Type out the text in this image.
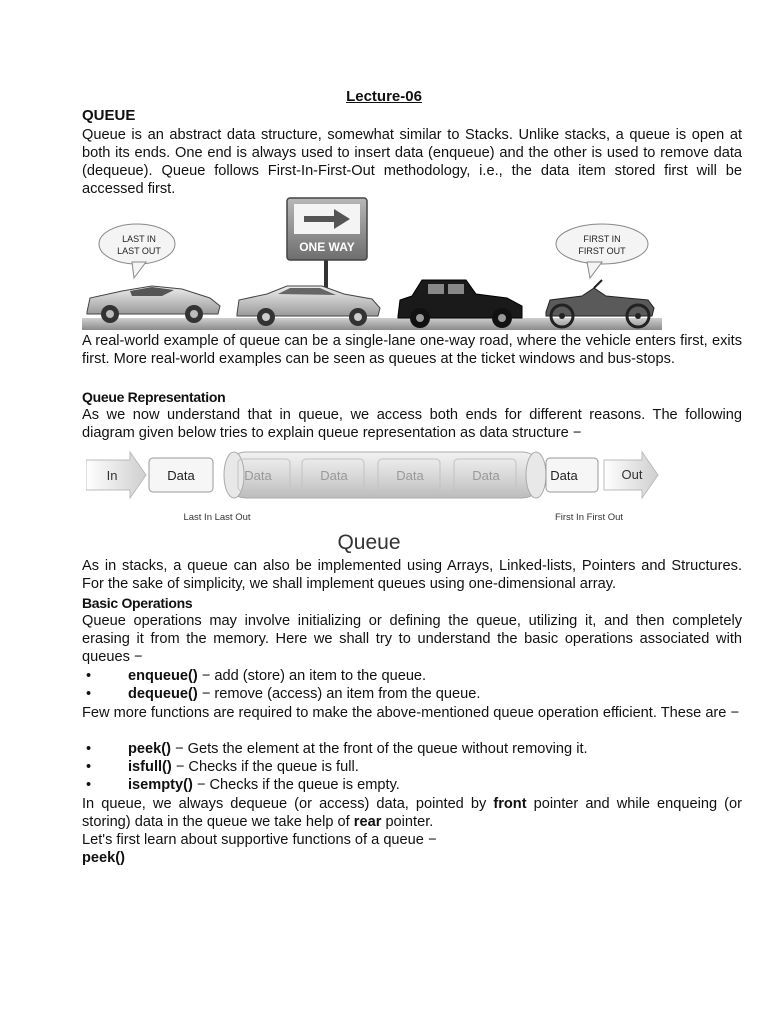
Lecture-06
QUEUE
Queue is an abstract data structure, somewhat similar to Stacks. Unlike stacks, a queue is open at both its ends. One end is always used to insert data (enqueue) and the other is used to remove data (dequeue). Queue follows First-In-First-Out methodology, i.e., the data item stored first will be accessed first.
ONE WAY
LAST IN
LAST OUT
FIRST IN
FIRST OUT
A real-world example of queue can be a single-lane one-way road, where the vehicle enters first, exits first. More real-world examples can be seen as queues at the ticket windows and bus-stops.
Queue Representation
As we now understand that in queue, we access both ends for different reasons. The following diagram given below tries to explain queue representation as data structure −
In	Data	Data	Data	Data	Data	Data	Out
Last In Last Out	First In First Out
Queue
As in stacks, a queue can also be implemented using Arrays, Linked-lists, Pointers and Structures. For the sake of simplicity, we shall implement queues using one-dimensional array.
Basic Operations
Queue operations may involve initializing or defining the queue, utilizing it, and then completely erasing it from the memory. Here we shall try to understand the basic operations associated with queues −
•	enqueue() − add (store) an item to the queue.
•	dequeue() − remove (access) an item from the queue.
Few more functions are required to make the above-mentioned queue operation efficient. These are −
•	peek() − Gets the element at the front of the queue without removing it.
•	isfull() − Checks if the queue is full.
•	isempty() − Checks if the queue is empty.
In queue, we always dequeue (or access) data, pointed by front pointer and while enqueing (or storing) data in the queue we take help of rear pointer.
Let's first learn about supportive functions of a queue −
peek()
